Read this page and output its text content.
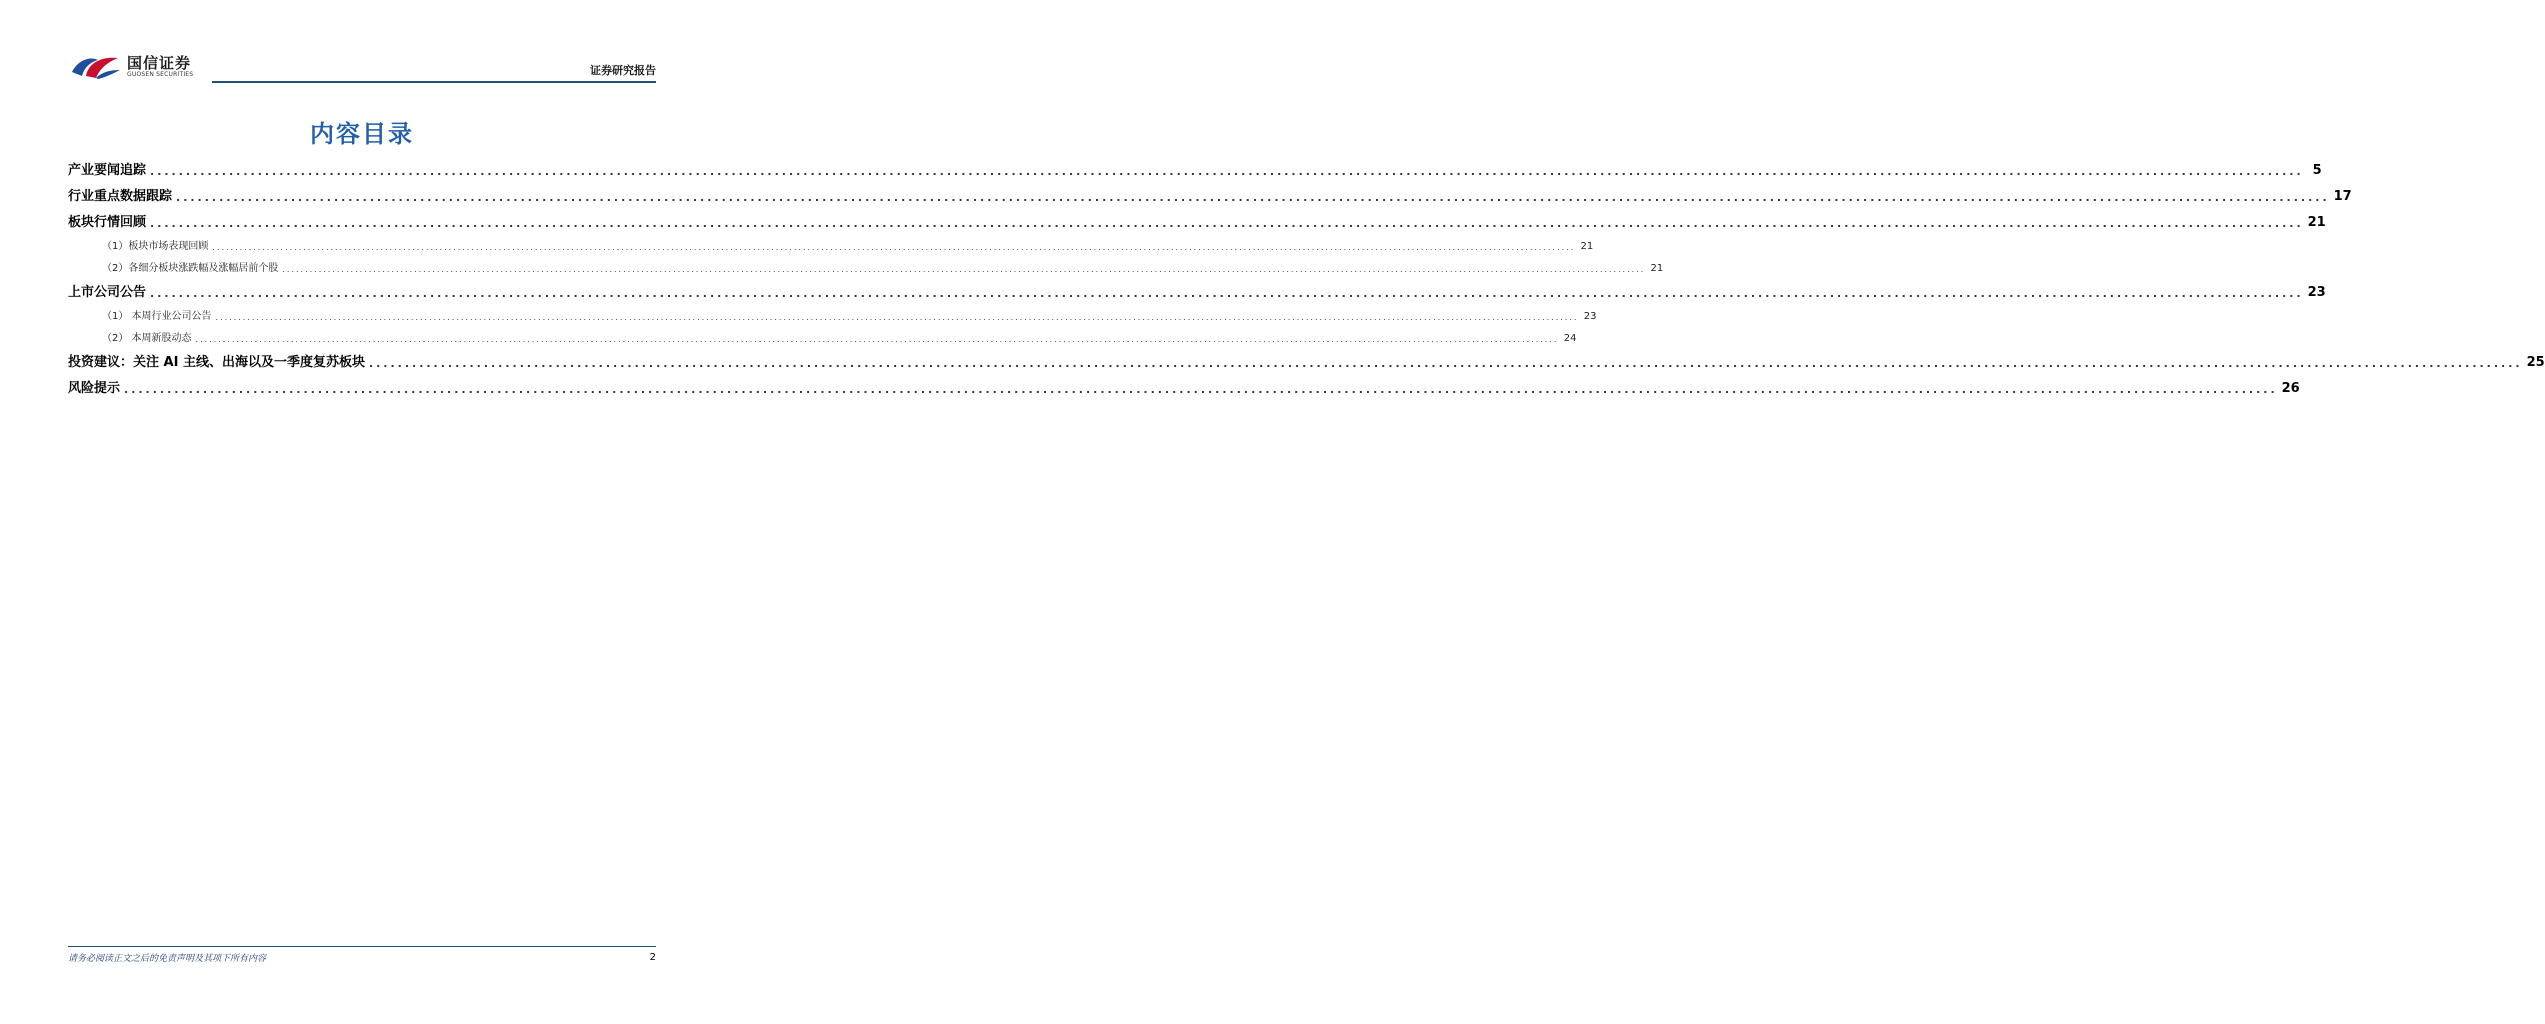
国信证券
GUOSEN SECURITIES	证券研究报告
内容目录
产业要闻追踪 ............................................................................................................................................................................................................................................................................................................ 5
行业重点数据跟踪 ............................................................................................................................................................................................................................................................................................................ 17
板块行情回顾 ............................................................................................................................................................................................................................................................................................................ 21
（1）板块市场表现回顾 ............................................................................................................................................................................................................................................................................................................ 21
（2）各细分板块涨跌幅及涨幅居前个股 ............................................................................................................................................................................................................................................................................................................ 21
上市公司公告 ............................................................................................................................................................................................................................................................................................................ 23
（1） 本周行业公司公告 ............................................................................................................................................................................................................................................................................................................ 23
（2） 本周新股动态 ............................................................................................................................................................................................................................................................................................................ 24
投资建议：关注 AI 主线、出海以及一季度复苏板块 ............................................................................................................................................................................................................................................................................................................ 25
风险提示 ............................................................................................................................................................................................................................................................................................................ 26
请务必阅读正文之后的免责声明及其项下所有内容	2
